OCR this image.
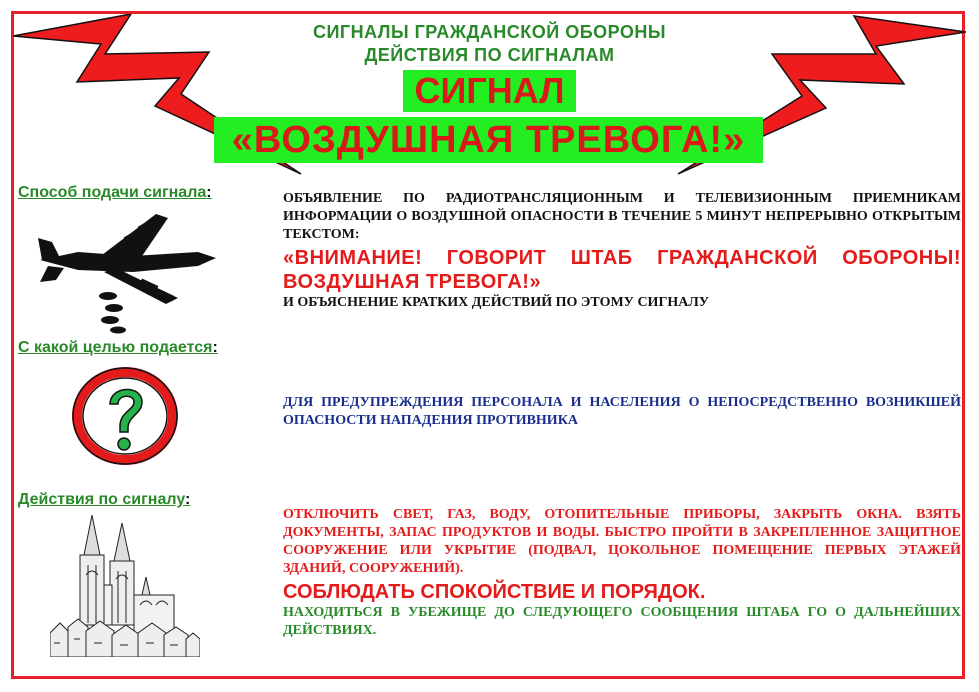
СИГНАЛЫ ГРАЖДАНСКОЙ ОБОРОНЫ
ДЕЙСТВИЯ ПО СИГНАЛАМ
СИГНАЛ
«ВОЗДУШНАЯ ТРЕВОГА!»
Способ подачи сигнала:	ОБЪЯВЛЕНИЕ ПО РАДИОТРАНСЛЯЦИОННЫМ И ТЕЛЕВИЗИОННЫМ ПРИЕМНИКАМ ИНФОРМАЦИИ О ВОЗДУШНОЙ ОПАСНОСТИ В ТЕЧЕНИЕ 5 МИНУТ НЕПРЕРЫВНО ОТКРЫТЫМ ТЕКСТОМ:
«ВНИМАНИЕ! ГОВОРИТ ШТАБ ГРАЖДАНСКОЙ ОБОРОНЫ! ВОЗДУШНАЯ ТРЕВОГА!»
И ОБЪЯСНЕНИЕ КРАТКИХ ДЕЙСТВИЙ ПО ЭТОМУ СИГНАЛУ
С какой целью подается:
ДЛЯ ПРЕДУПРЕЖДЕНИЯ ПЕРСОНАЛА И НАСЕЛЕНИЯ О НЕПОСРЕДСТВЕННО ВОЗНИКШЕЙ ОПАСНОСТИ НАПАДЕНИЯ ПРОТИВНИКА
Действия по сигналу:
ОТКЛЮЧИТЬ СВЕТ, ГАЗ, ВОДУ, ОТОПИТЕЛЬНЫЕ ПРИБОРЫ, ЗАКРЫТЬ ОКНА. ВЗЯТЬ ДОКУМЕНТЫ, ЗАПАС ПРОДУКТОВ И ВОДЫ. БЫСТРО ПРОЙТИ В ЗАКРЕПЛЕННОЕ ЗАЩИТНОЕ СООРУЖЕНИЕ ИЛИ УКРЫТИЕ (ПОДВАЛ, ЦОКОЛЬНОЕ ПОМЕЩЕНИЕ ПЕРВЫХ ЭТАЖЕЙ ЗДАНИЙ, СООРУЖЕНИЙ).
СОБЛЮДАТЬ СПОКОЙСТВИЕ И ПОРЯДОК.
НАХОДИТЬСЯ В УБЕЖИЩЕ ДО СЛЕДУЮЩЕГО СООБЩЕНИЯ ШТАБА ГО О ДАЛЬНЕЙШИХ ДЕЙСТВИЯХ.
